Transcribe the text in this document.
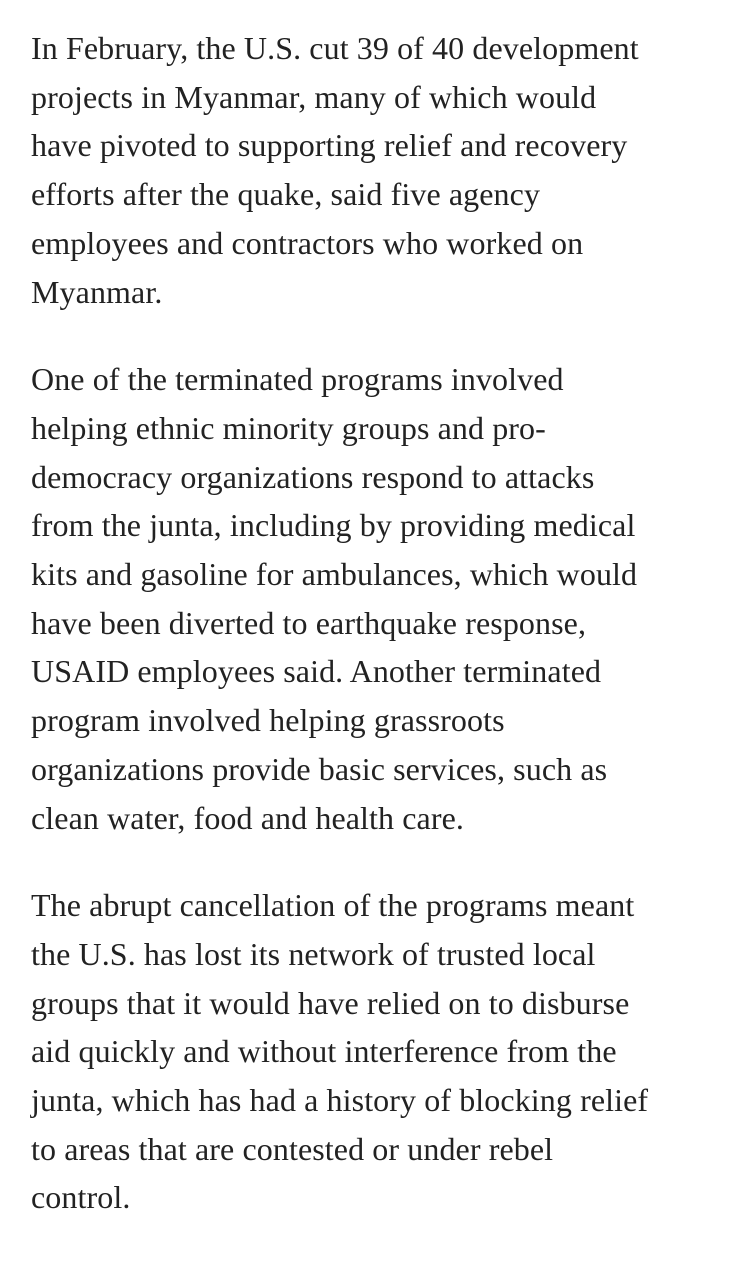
In February, the U.S. cut 39 of 40 development
projects in Myanmar, many of which would
have pivoted to supporting relief and recovery
efforts after the quake, said five agency
employees and contractors who worked on
Myanmar.

One of the terminated programs involved
helping ethnic minority groups and pro-
democracy organizations respond to attacks
from the junta, including by providing medical
kits and gasoline for ambulances, which would
have been diverted to earthquake response,
USAID employees said. Another terminated
program involved helping grassroots
organizations provide basic services, such as
clean water, food and health care.

The abrupt cancellation of the programs meant
the U.S. has lost its network of trusted local
groups that it would have relied on to disburse
aid quickly and without interference from the
junta, which has had a history of blocking relief
to areas that are contested or under rebel
control.
